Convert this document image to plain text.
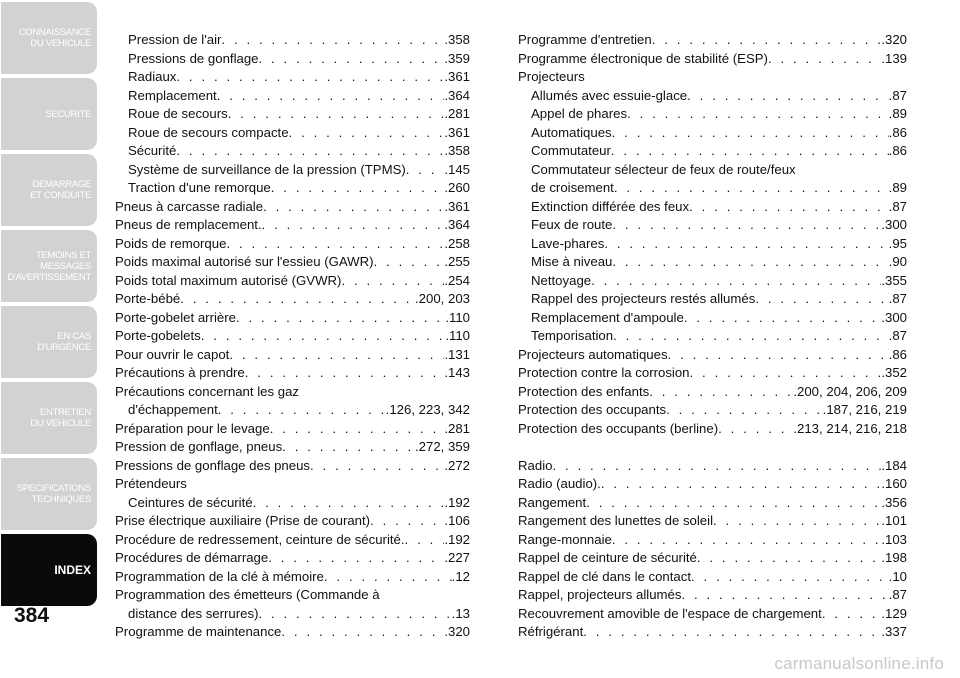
CONNAISSANCE
DU VEHICULE
SECURITE
DEMARRAGE
ET CONDUITE
TEMOINS ET
MESSAGES
D'AVERTISSEMENT
EN CAS
D'URGENCE
ENTRETIEN
DU VEHICULE
SPECIFICATIONS
TECHNIQUES
INDEX
384
Pression de l'air . . .	.358
Pressions de gonflage . . .	.359
Radiaux . . .	.361
Remplacement . . .	.364
Roue de secours . . .	.281
Roue de secours compacte . . .	.361
Sécurité . . .	.358
Système de surveillance de la pression (TPMS) . . .	.145
Traction d'une remorque . . .	.260
Pneus à carcasse radiale . . .	.361
Pneus de remplacement. . . .	.364
Poids de remorque . . .	.258
Poids maximal autorisé sur l'essieu (GAWR) . . .	.255
Poids total maximum autorisé (GVWR) . . .	.254
Porte-bébé . . .	.200, 203
Porte-gobelet arrière . . .	.110
Porte-gobelets . . .	.110
Pour ouvrir le capot . . .	.131
Précautions à prendre . . .	.143
Précautions concernant les gaz
d'échappement . . .	.126, 223, 342
Préparation pour le levage . . .	.281
Pression de gonflage, pneus . . .	.272, 359
Pressions de gonflage des pneus . . .	.272
Prétendeurs
Ceintures de sécurité . . .	.192
Prise électrique auxiliaire (Prise de courant) . . .	.106
Procédure de redressement, ceinture de sécurité. . . .	.192
Procédures de démarrage . . .	.227
Programmation de la clé à mémoire . . .	.12
Programmation des émetteurs (Commande à
distance des serrures) . . .	.13
Programme de maintenance . . .	.320
Programme d'entretien . . .	.320
Programme électronique de stabilité (ESP) . . .	.139
Projecteurs
Allumés avec essuie-glace . . .	.87
Appel de phares . . .	.89
Automatiques . . .	.86
Commutateur . . .	.86
Commutateur sélecteur de feux de route/feux
de croisement . . .	.89
Extinction différée des feux . . .	.87
Feux de route . . .	.300
Lave-phares . . .	.95
Mise à niveau . . .	.90
Nettoyage . . .	.355
Rappel des projecteurs restés allumés . . .	.87
Remplacement d'ampoule . . .	.300
Temporisation . . .	.87
Projecteurs automatiques . . .	.86
Protection contre la corrosion . . .	.352
Protection des enfants . . .	.200, 204, 206, 209
Protection des occupants . . .	.187, 216, 219
Protection des occupants (berline) . . .	.213, 214, 216, 218
Radio . . .	.184
Radio (audio). . . .	.160
Rangement . . .	.356
Rangement des lunettes de soleil . . .	.101
Range-monnaie . . .	.103
Rappel de ceinture de sécurité . . .	.198
Rappel de clé dans le contact . . .	.10
Rappel, projecteurs allumés . . .	.87
Recouvrement amovible de l'espace de chargement . . .	.129
Réfrigérant . . .	.337
carmanualsonline.info
